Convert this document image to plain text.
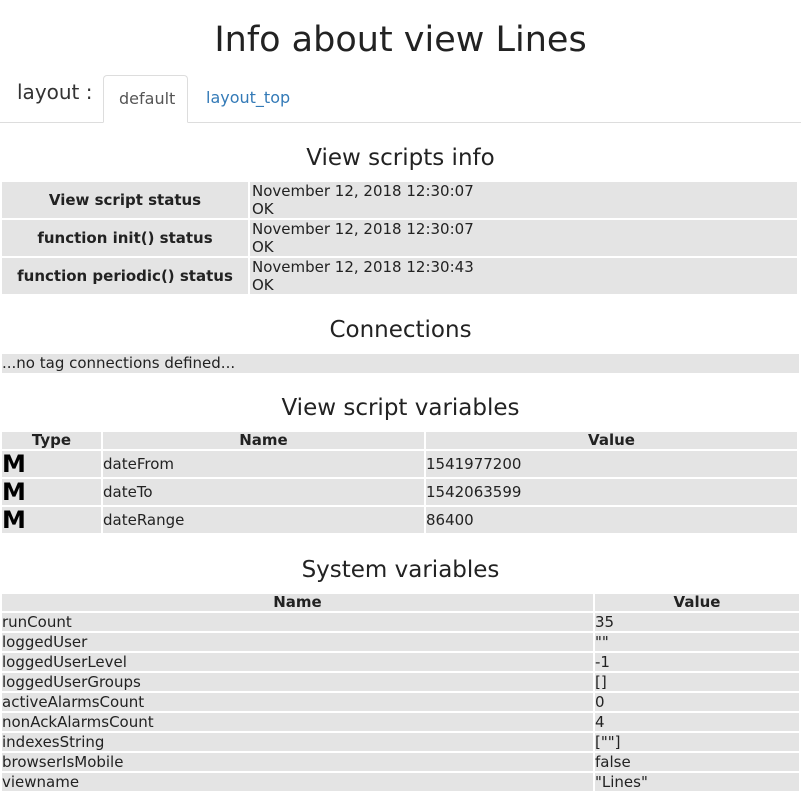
Info about view Lines
layout :	default	layout_top
View scripts info
View script status	November 12, 2018 12:30:07
OK

function init() status	November 12, 2018 12:30:07
OK

function periodic() status	November 12, 2018 12:30:43
OK
Connections
...no tag connections defined...
View script variables
Type	Name	Value
M	dateFrom	1541977200
M	dateTo	1542063599
M	dateRange	86400
System variables
Name	Value
runCount	35
loggedUser	""
loggedUserLevel	-1
loggedUserGroups	[]
activeAlarmsCount	0
nonAckAlarmsCount	4
indexesString	[""]
browserIsMobile	false
viewname	"Lines"
